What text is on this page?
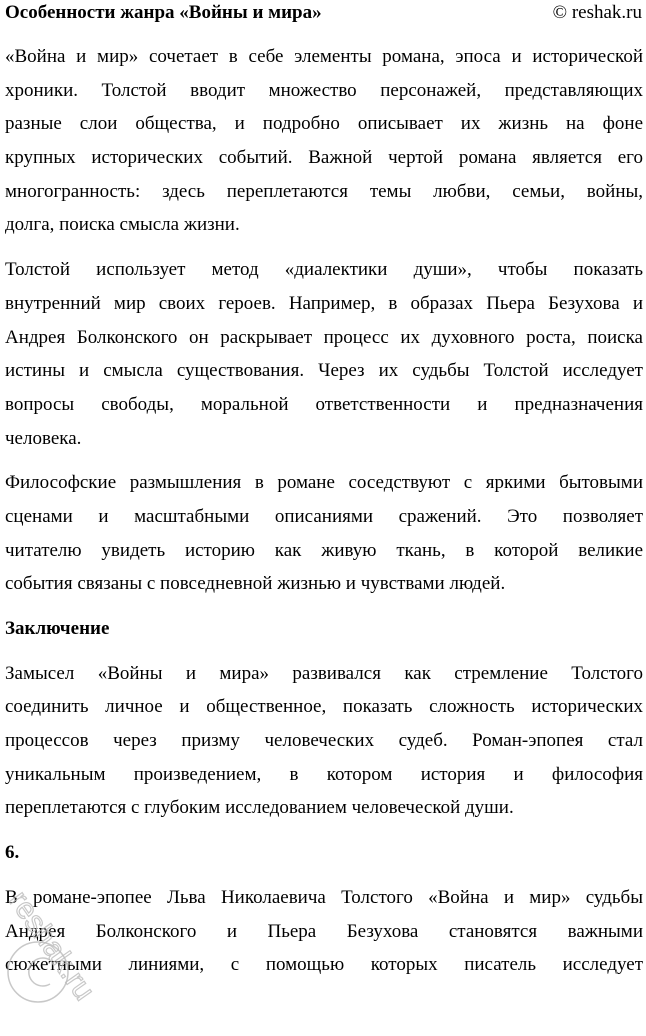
Особенности жанра «Войны и мира»	© reshak.ru
«Война и мир» сочетает в себе элементы романа, эпоса и исторической
хроники. Толстой вводит множество персонажей, представляющих
разные слои общества, и подробно описывает их жизнь на фоне
крупных исторических событий. Важной чертой романа является его
многогранность: здесь переплетаются темы любви, семьи, войны,
долга, поиска смысла жизни.
Толстой использует метод «диалектики души», чтобы показать
внутренний мир своих героев. Например, в образах Пьера Безухова и
Андрея Болконского он раскрывает процесс их духовного роста, поиска
истины и смысла существования. Через их судьбы Толстой исследует
вопросы свободы, моральной ответственности и предназначения
человека.
Философские размышления в романе соседствуют с яркими бытовыми
сценами и масштабными описаниями сражений. Это позволяет
читателю увидеть историю как живую ткань, в которой великие
события связаны с повседневной жизнью и чувствами людей.
Заключение
Замысел «Войны и мира» развивался как стремление Толстого
соединить личное и общественное, показать сложность исторических
процессов через призму человеческих судеб. Роман-эпопея стал
уникальным произведением, в котором история и философия
переплетаются с глубоким исследованием человеческой души.
6.
В романе-эпопее Льва Николаевича Толстого «Война и мир» судьбы
Андрея Болконского и Пьера Безухова становятся важными
сюжетными линиями, с помощью которых писатель исследует
reshak.ru
